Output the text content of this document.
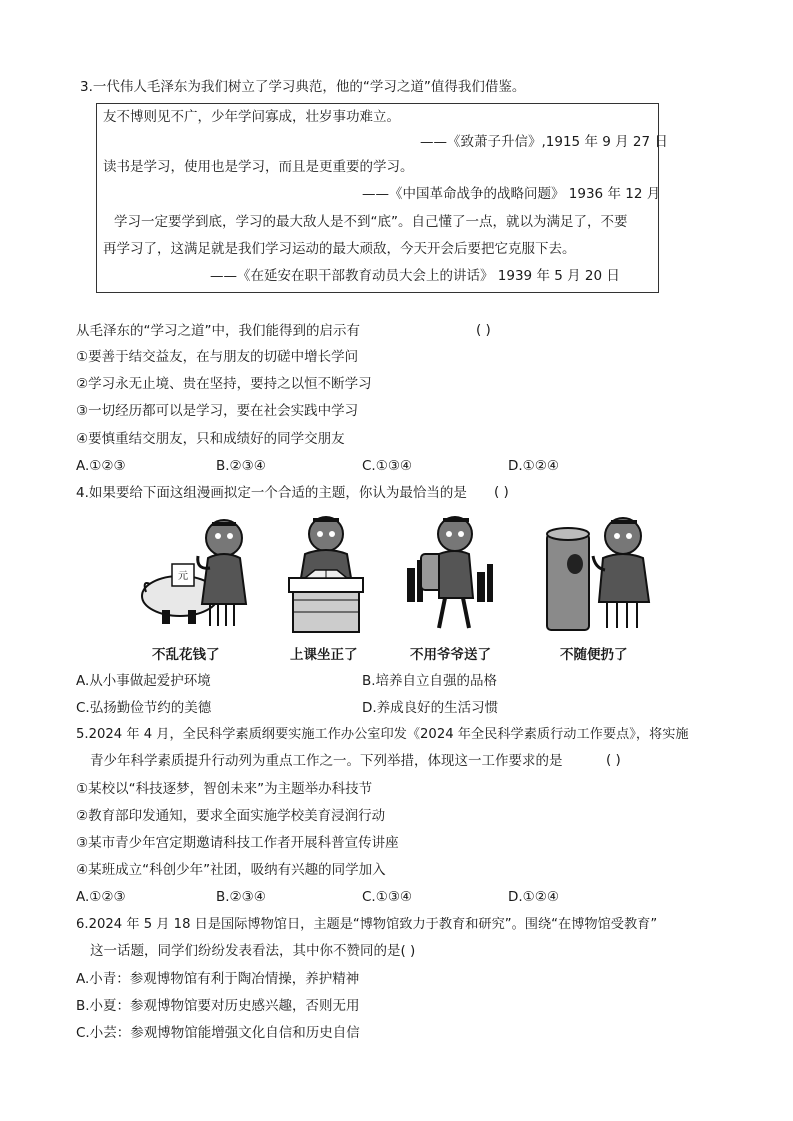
3.一代伟人毛泽东为我们树立了学习典范，他的“学习之道”值得我们借鉴。
友不博则见不广，少年学问寡成，壮岁事功难立。
——《致萧子升信》,1915 年 9 月 27 日
读书是学习，使用也是学习，而且是更重要的学习。
——《中国革命战争的战略问题》 1936 年 12 月
学习一定要学到底，学习的最大敌人是不到“底”。自己懂了一点，就以为满足了，不要
再学习了，这满足就是我们学习运动的最大顽敌，今天开会后要把它克服下去。
——《在延安在职干部教育动员大会上的讲话》 1939 年 5 月 20 日
从毛泽东的“学习之道”中，我们能得到的启示有	( )
①要善于结交益友，在与朋友的切磋中增长学问
②学习永无止境、贵在坚持，要持之以恒不断学习
③一切经历都可以是学习，要在社会实践中学习
④要慎重结交朋友，只和成绩好的同学交朋友
A.①②③	B.②③④	C.①③④	D.①②④
4.如果要给下面这组漫画拟定一个合适的主题，你认为最恰当的是 ( )
元
不乱花钱了	上课坐正了	不用爷爷送了	不随便扔了
A.从小事做起爱护环境	B.培养自立自强的品格
C.弘扬勤俭节约的美德	D.养成良好的生活习惯
5.2024 年 4 月，全民科学素质纲要实施工作办公室印发《2024 年全民科学素质行动工作要点》，将实施
青少年科学素质提升行动列为重点工作之一。下列举措，体现这一工作要求的是	( )
①某校以“科技逐梦，智创未来”为主题举办科技节
②教育部印发通知，要求全面实施学校美育浸润行动
③某市青少年宫定期邀请科技工作者开展科普宣传讲座
④某班成立“科创少年”社团，吸纳有兴趣的同学加入
A.①②③	B.②③④	C.①③④	D.①②④
6.2024 年 5 月 18 日是国际博物馆日，主题是“博物馆致力于教育和研究”。围绕“在博物馆受教育”
这一话题，同学们纷纷发表看法，其中你不赞同的是( )
A.小青：参观博物馆有利于陶冶情操，养护精神
B.小夏：参观博物馆要对历史感兴趣，否则无用
C.小芸：参观博物馆能增强文化自信和历史自信
